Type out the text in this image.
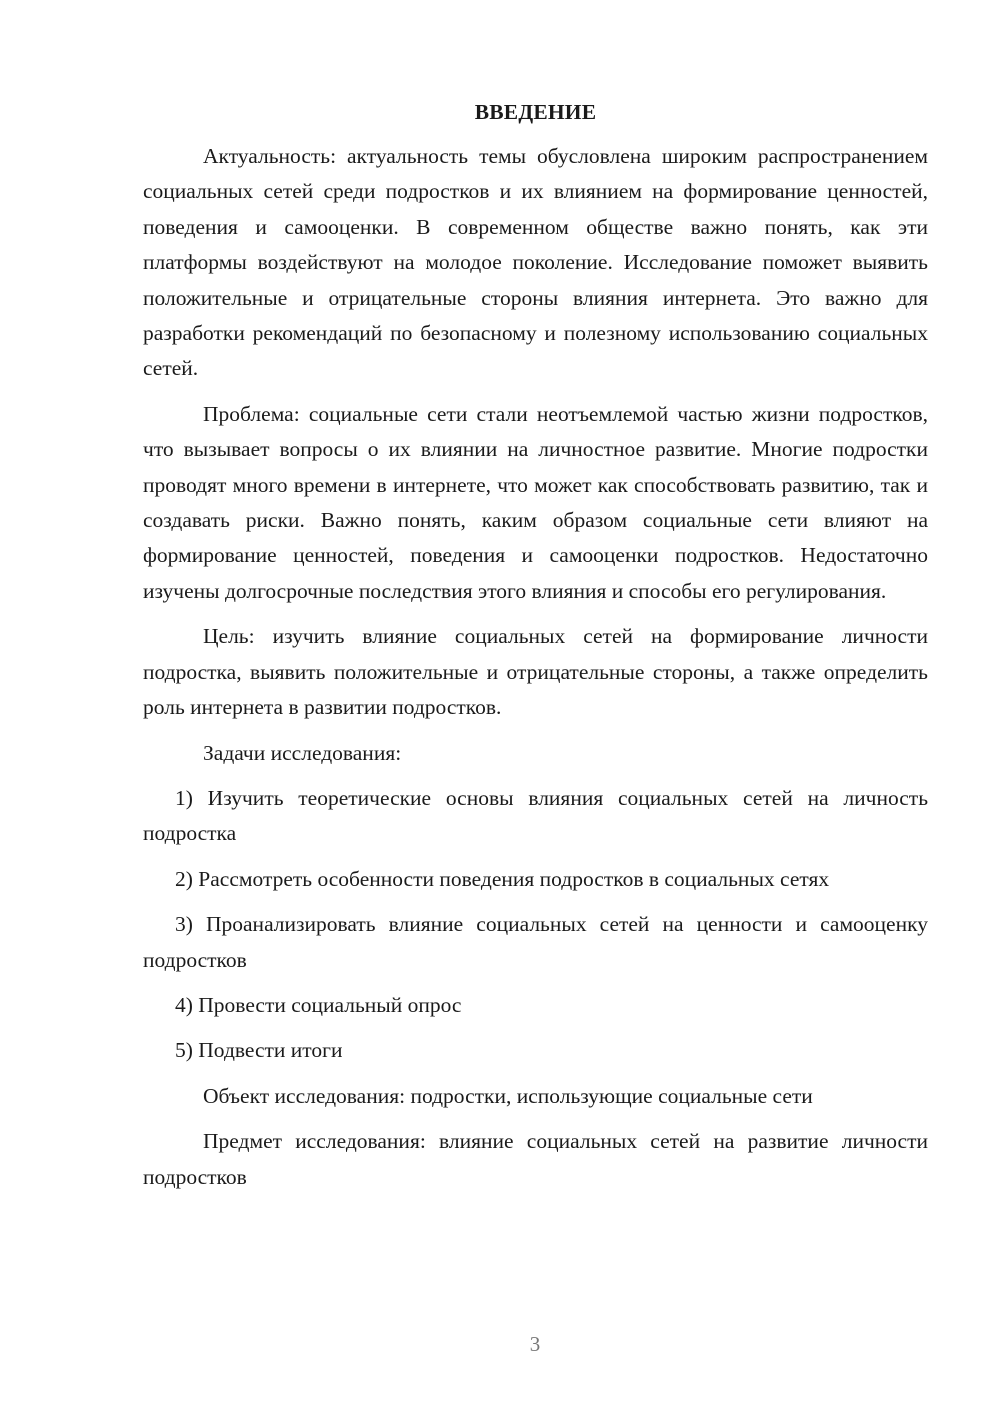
ВВЕДЕНИЕ

Актуальность: актуальность темы обусловлена широким распространением социальных сетей среди подростков и их влиянием на формирование ценностей, поведения и самооценки. В современном обществе важно понять, как эти платформы воздействуют на молодое поколение. Исследование поможет выявить положительные и отрицательные стороны влияния интернета. Это важно для разработки рекомендаций по безопасному и полезному использованию социальных сетей.

Проблема: социальные сети стали неотъемлемой частью жизни подростков, что вызывает вопросы о их влиянии на личностное развитие. Многие подростки проводят много времени в интернете, что может как способствовать развитию, так и создавать риски. Важно понять, каким образом социальные сети влияют на формирование ценностей, поведения и самооценки подростков. Недостаточно изучены долгосрочные последствия этого влияния и способы его регулирования.

Цель: изучить влияние социальных сетей на формирование личности подростка, выявить положительные и отрицательные стороны, а также определить роль интернета в развитии подростков.

Задачи исследования:

1) Изучить теоретические основы влияния социальных сетей на личность подростка

2) Рассмотреть особенности поведения подростков в социальных сетях

3) Проанализировать влияние социальных сетей на ценности и самооценку подростков

4) Провести социальный опрос

5) Подвести итоги

Объект исследования: подростки, использующие социальные сети

Предмет исследования: влияние социальных сетей на развитие личности подростков

3
